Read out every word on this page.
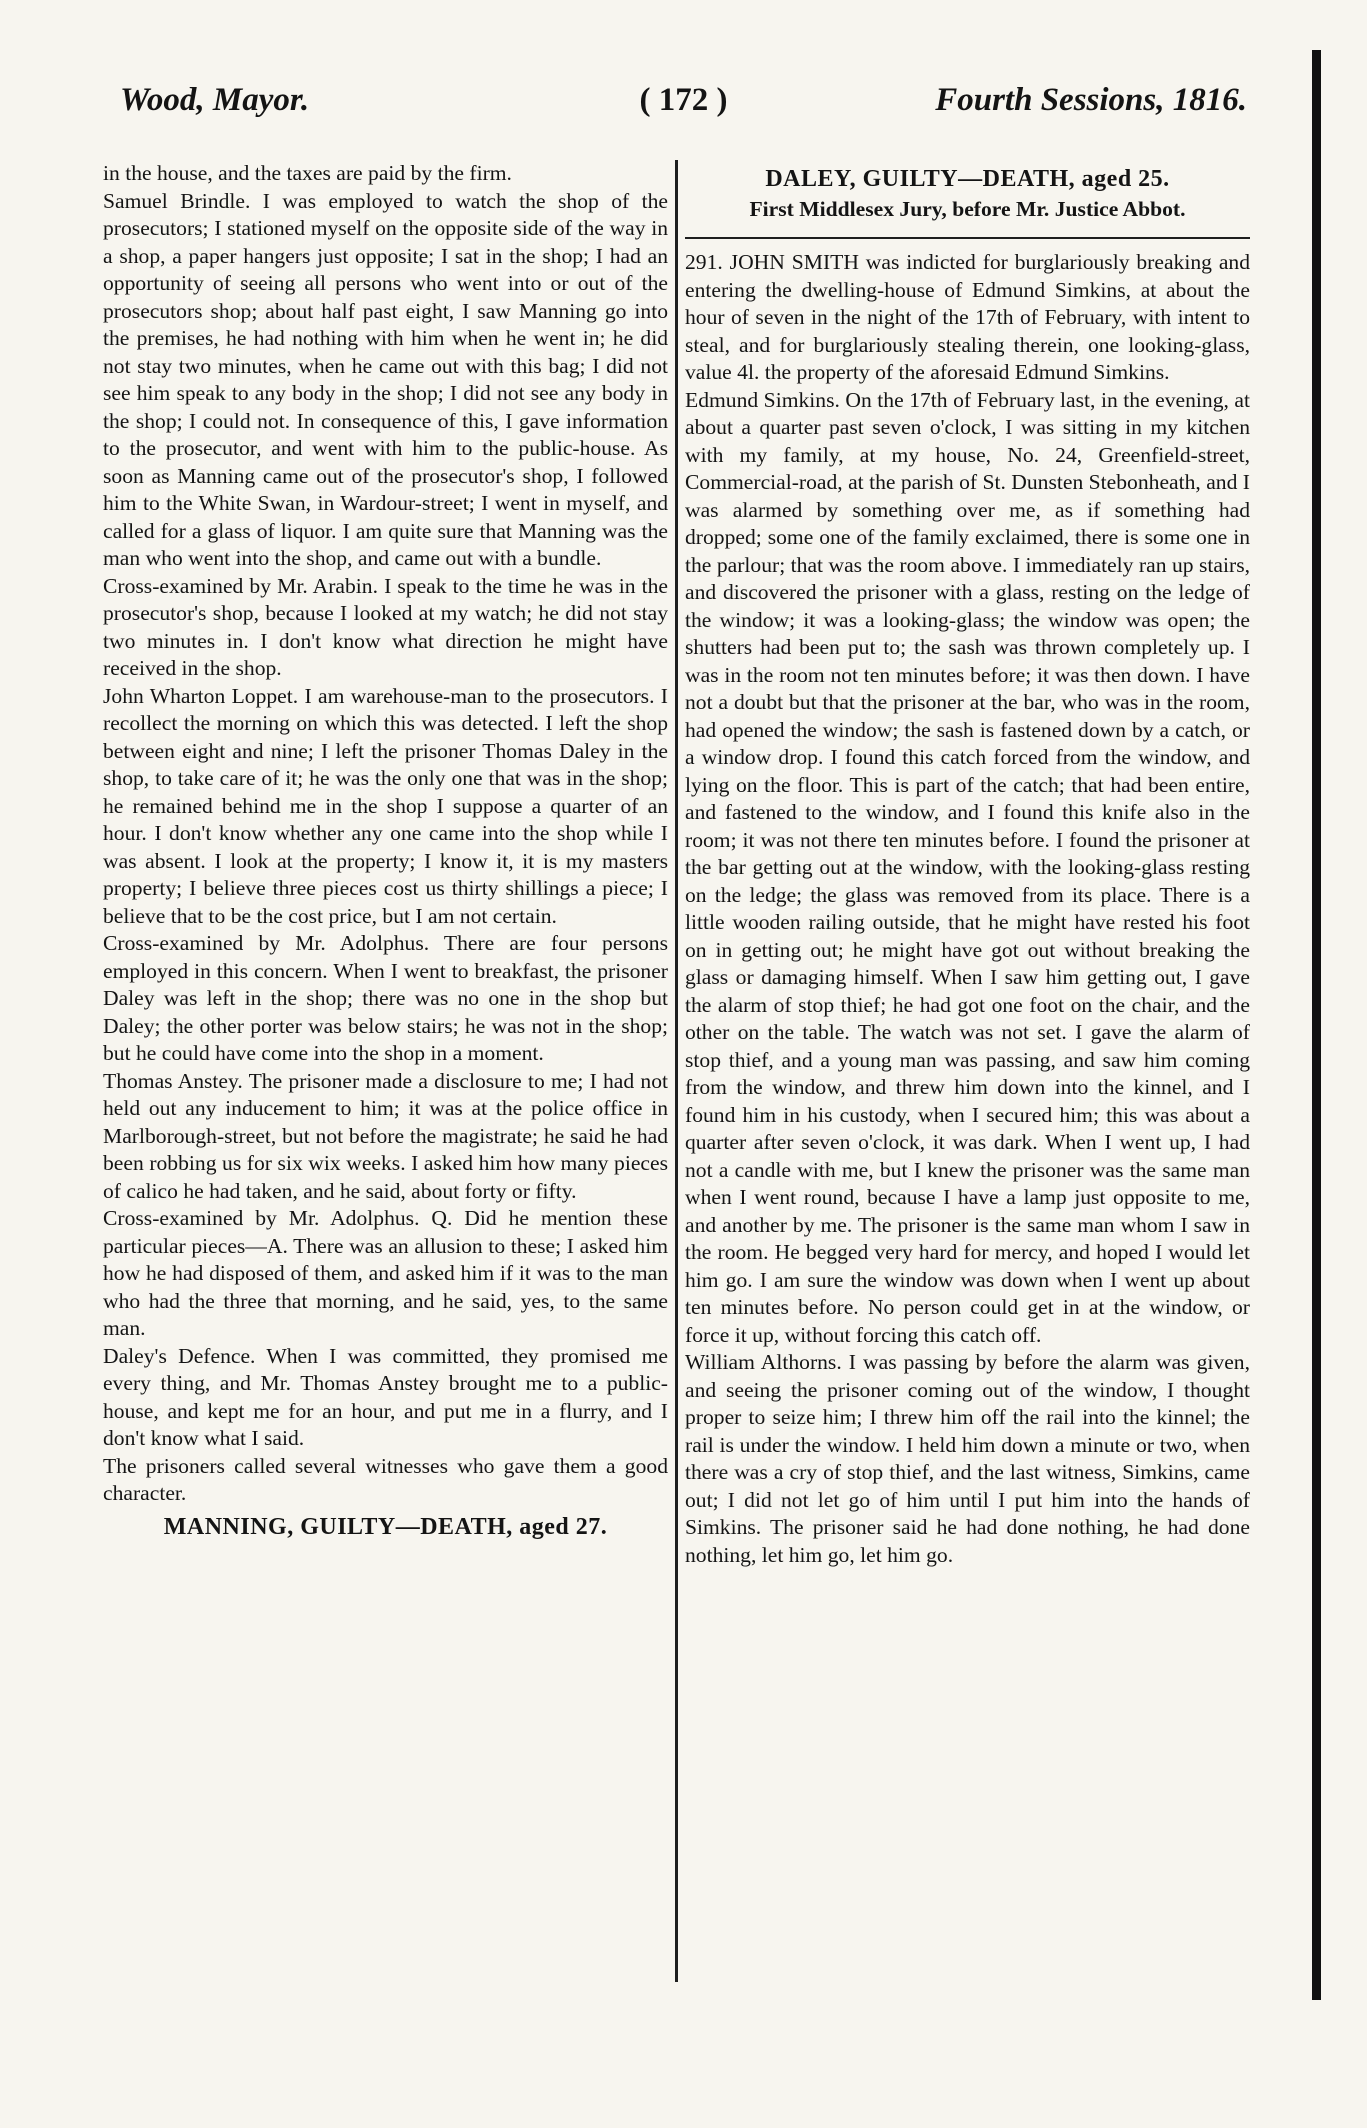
Wood, Mayor.	( 172 )	Fourth Sessions, 1816.

in the house, and the taxes are paid by the firm.

Samuel Brindle. I was employed to watch the shop of the prosecutors; I stationed myself on the opposite side of the way in a shop, a paper hangers just opposite; I sat in the shop; I had an opportunity of seeing all persons who went into or out of the prosecutors shop; about half past eight, I saw Manning go into the premises, he had nothing with him when he went in; he did not stay two minutes, when he came out with this bag; I did not see him speak to any body in the shop; I did not see any body in the shop; I could not. In consequence of this, I gave information to the prosecutor, and went with him to the public-house. As soon as Manning came out of the prosecutor's shop, I followed him to the White Swan, in Wardour-street; I went in myself, and called for a glass of liquor. I am quite sure that Manning was the man who went into the shop, and came out with a bundle.

Cross-examined by Mr. Arabin. I speak to the time he was in the prosecutor's shop, because I looked at my watch; he did not stay two minutes in. I don't know what direction he might have received in the shop.

John Wharton Loppet. I am warehouse-man to the prosecutors. I recollect the morning on which this was detected. I left the shop between eight and nine; I left the prisoner Thomas Daley in the shop, to take care of it; he was the only one that was in the shop; he remained behind me in the shop I suppose a quarter of an hour. I don't know whether any one came into the shop while I was absent. I look at the property; I know it, it is my masters property; I believe three pieces cost us thirty shillings a piece; I believe that to be the cost price, but I am not certain.

Cross-examined by Mr. Adolphus. There are four persons employed in this concern. When I went to breakfast, the prisoner Daley was left in the shop; there was no one in the shop but Daley; the other porter was below stairs; he was not in the shop; but he could have come into the shop in a moment.

Thomas Anstey. The prisoner made a disclosure to me; I had not held out any inducement to him; it was at the police office in Marlborough-street, but not before the magistrate; he said he had been robbing us for six wix weeks. I asked him how many pieces of calico he had taken, and he said, about forty or fifty.

Cross-examined by Mr. Adolphus. Q. Did he mention these particular pieces—A. There was an allusion to these; I asked him how he had disposed of them, and asked him if it was to the man who had the three that morning, and he said, yes, to the same man.

Daley's Defence. When I was committed, they promised me every thing, and Mr. Thomas Anstey brought me to a public-house, and kept me for an hour, and put me in a flurry, and I don't know what I said.

The prisoners called several witnesses who gave them a good character.

MANNING, GUILTY—DEATH, aged 27.
DALEY, GUILTY—DEATH, aged 25.
First Middlesex Jury, before Mr. Justice Abbot.

291. JOHN SMITH was indicted for burglariously breaking and entering the dwelling-house of Edmund Simkins, at about the hour of seven in the night of the 17th of February, with intent to steal, and for burglariously stealing therein, one looking-glass, value 4l. the property of the aforesaid Edmund Simkins.

Edmund Simkins. On the 17th of February last, in the evening, at about a quarter past seven o'clock, I was sitting in my kitchen with my family, at my house, No. 24, Greenfield-street, Commercial-road, at the parish of St. Dunsten Stebonheath, and I was alarmed by something over me, as if something had dropped; some one of the family exclaimed, there is some one in the parlour; that was the room above. I immediately ran up stairs, and discovered the prisoner with a glass, resting on the ledge of the window; it was a looking-glass; the window was open; the shutters had been put to; the sash was thrown completely up. I was in the room not ten minutes before; it was then down. I have not a doubt but that the prisoner at the bar, who was in the room, had opened the window; the sash is fastened down by a catch, or a window drop. I found this catch forced from the window, and lying on the floor. This is part of the catch; that had been entire, and fastened to the window, and I found this knife also in the room; it was not there ten minutes before. I found the prisoner at the bar getting out at the window, with the looking-glass resting on the ledge; the glass was removed from its place. There is a little wooden railing outside, that he might have rested his foot on in getting out; he might have got out without breaking the glass or damaging himself. When I saw him getting out, I gave the alarm of stop thief; he had got one foot on the chair, and the other on the table. The watch was not set. I gave the alarm of stop thief, and a young man was passing, and saw him coming from the window, and threw him down into the kinnel, and I found him in his custody, when I secured him; this was about a quarter after seven o'clock, it was dark. When I went up, I had not a candle with me, but I knew the prisoner was the same man when I went round, because I have a lamp just opposite to me, and another by me. The prisoner is the same man whom I saw in the room. He begged very hard for mercy, and hoped I would let him go. I am sure the window was down when I went up about ten minutes before. No person could get in at the window, or force it up, without forcing this catch off.

William Althorns. I was passing by before the alarm was given, and seeing the prisoner coming out of the window, I thought proper to seize him; I threw him off the rail into the kinnel; the rail is under the window. I held him down a minute or two, when there was a cry of stop thief, and the last witness, Simkins, came out; I did not let go of him until I put him into the hands of Simkins. The prisoner said he had done nothing, he had done nothing, let him go, let him go.
